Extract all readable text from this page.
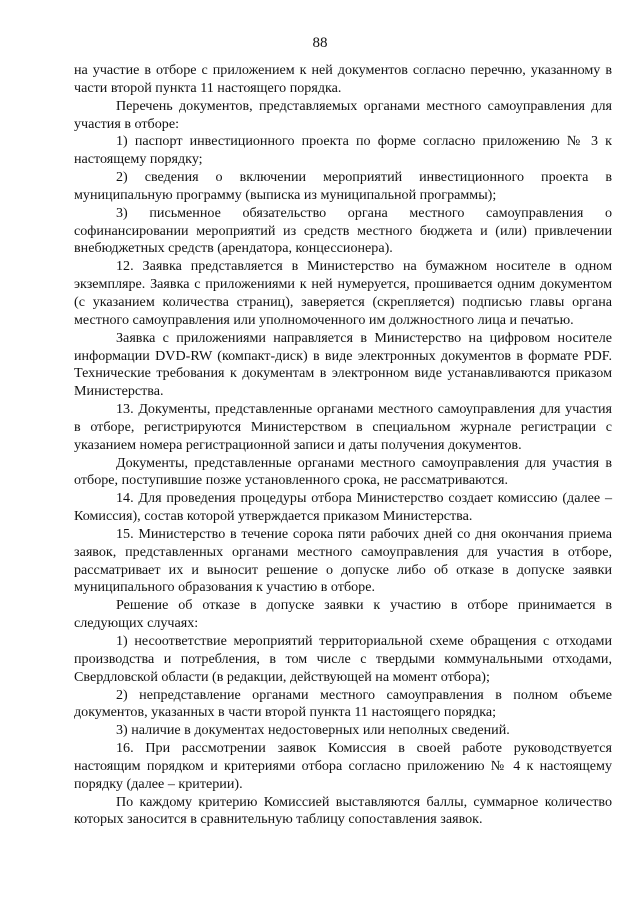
88

на участие в отборе с приложением к ней документов согласно перечню, указанному в части второй пункта 11 настоящего порядка.

Перечень документов, представляемых органами местного самоуправления для участия в отборе:

1) паспорт инвестиционного проекта по форме согласно приложению № 3 к настоящему порядку;

2) сведения о включении мероприятий инвестиционного проекта в муниципальную программу (выписка из муниципальной программы);

3) письменное обязательство органа местного самоуправления о софинансировании мероприятий из средств местного бюджета и (или) привлечении внебюджетных средств (арендатора, концессионера).

12. Заявка представляется в Министерство на бумажном носителе в одном экземпляре. Заявка с приложениями к ней нумеруется, прошивается одним документом (с указанием количества страниц), заверяется (скрепляется) подписью главы органа местного самоуправления или уполномоченного им должностного лица и печатью.

Заявка с приложениями направляется в Министерство на цифровом носителе информации DVD-RW (компакт-диск) в виде электронных документов в формате PDF. Технические требования к документам в электронном виде устанавливаются приказом Министерства.

13. Документы, представленные органами местного самоуправления для участия в отборе, регистрируются Министерством в специальном журнале регистрации с указанием номера регистрационной записи и даты получения документов.

Документы, представленные органами местного самоуправления для участия в отборе, поступившие позже установленного срока, не рассматриваются.

14. Для проведения процедуры отбора Министерство создает комиссию (далее – Комиссия), состав которой утверждается приказом Министерства.

15. Министерство в течение сорока пяти рабочих дней со дня окончания приема заявок, представленных органами местного самоуправления для участия в отборе, рассматривает их и выносит решение о допуске либо об отказе в допуске заявки муниципального образования к участию в отборе.

Решение об отказе в допуске заявки к участию в отборе принимается в следующих случаях:

1) несоответствие мероприятий территориальной схеме обращения с отходами производства и потребления, в том числе с твердыми коммунальными отходами, Свердловской области (в редакции, действующей на момент отбора);

2) непредставление органами местного самоуправления в полном объеме документов, указанных в части второй пункта 11 настоящего порядка;

3) наличие в документах недостоверных или неполных сведений.

16. При рассмотрении заявок Комиссия в своей работе руководствуется настоящим порядком и критериями отбора согласно приложению № 4 к настоящему порядку (далее – критерии).

По каждому критерию Комиссией выставляются баллы, суммарное количество которых заносится в сравнительную таблицу сопоставления заявок.
